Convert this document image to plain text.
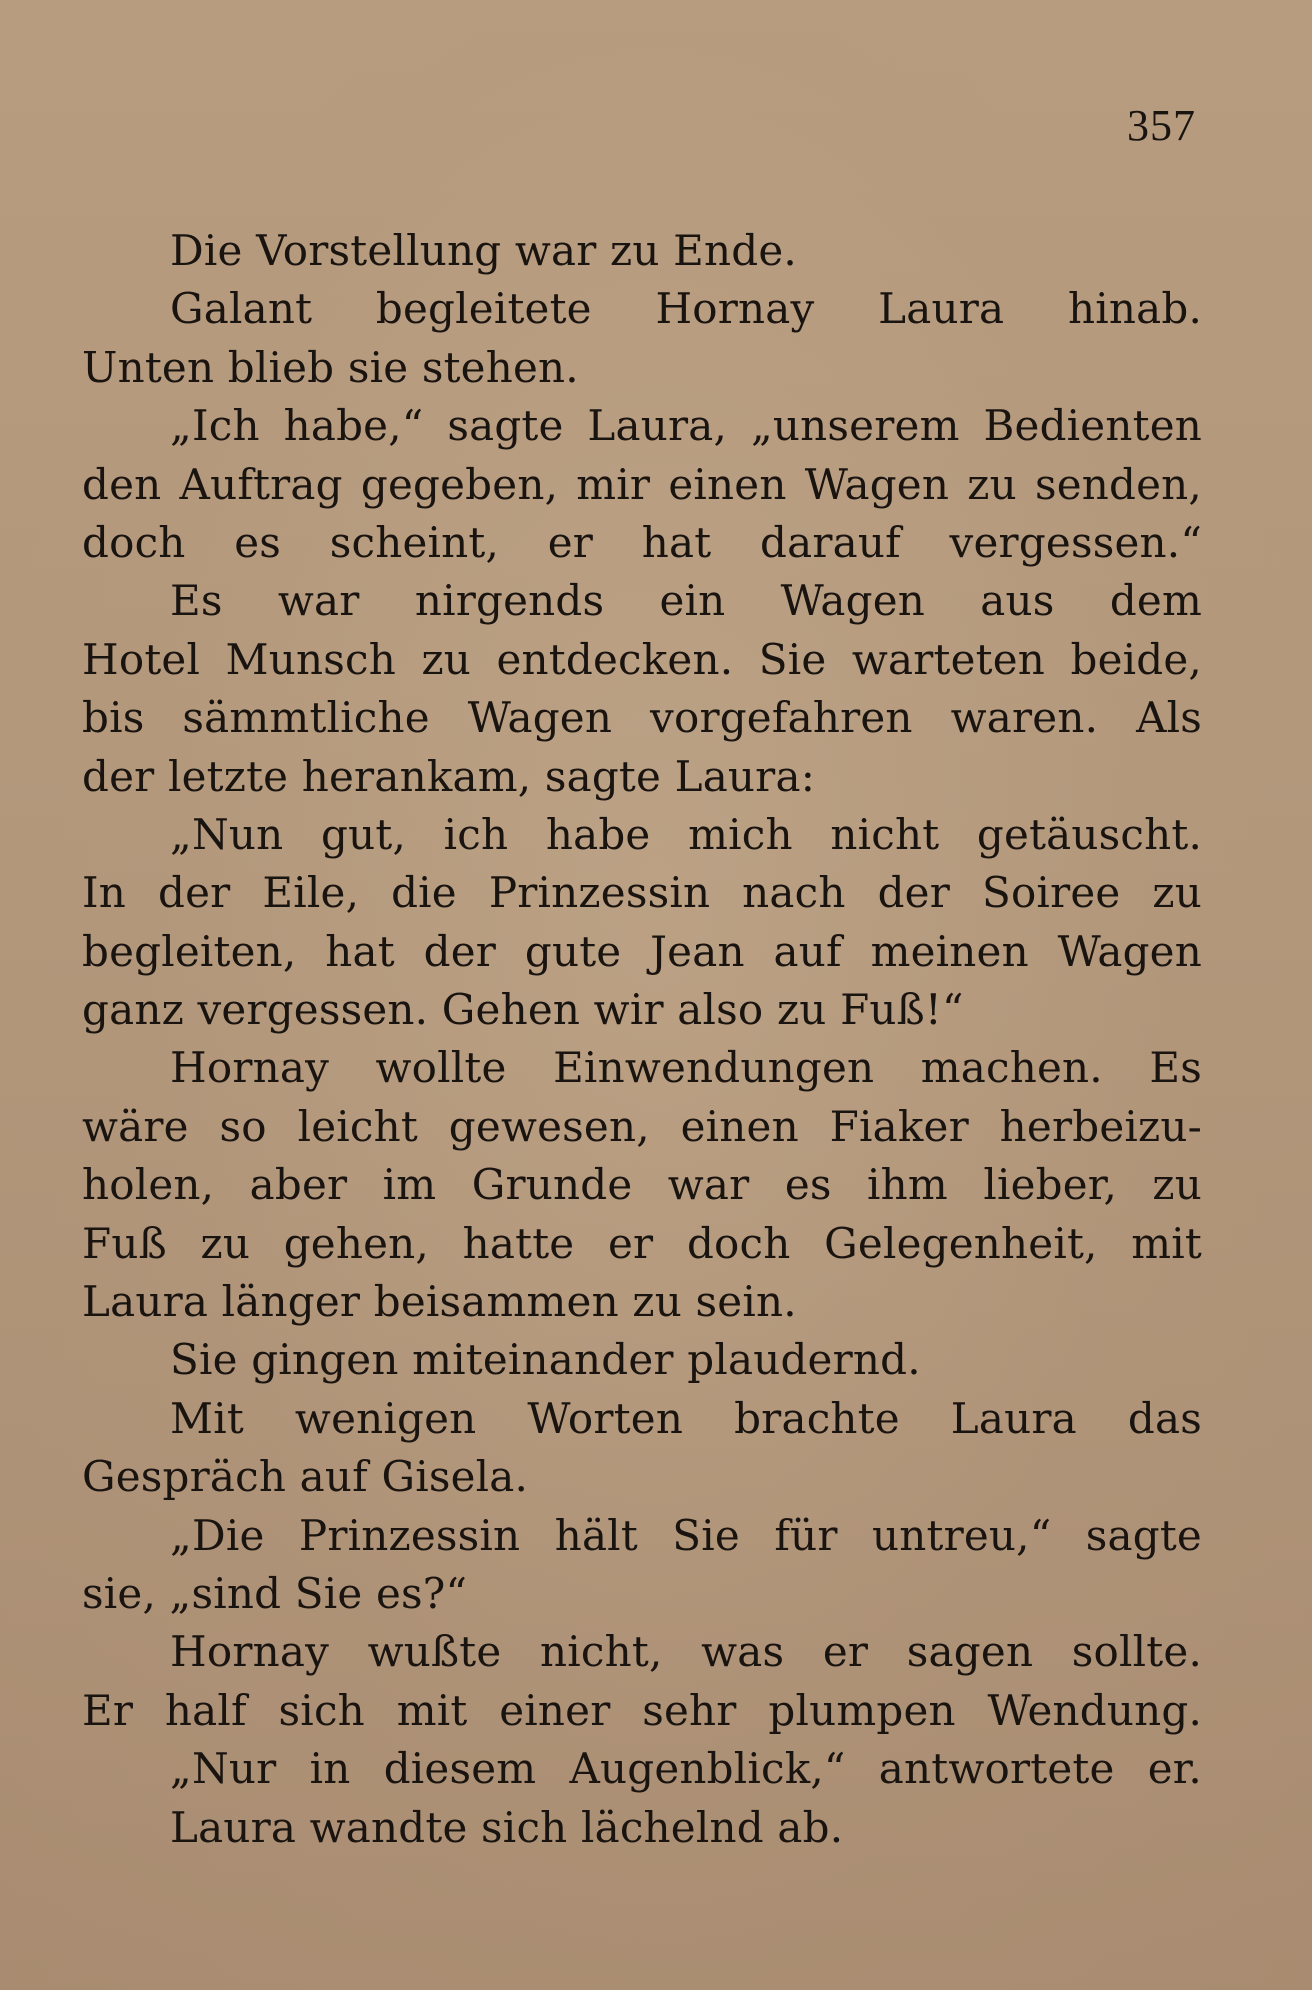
357
Die Vorstellung war zu Ende.
Galant begleitete Hornay Laura hinab.
Unten blieb sie stehen.
„Ich habe,“ sagte Laura, „unserem Bedienten
den Auftrag gegeben, mir einen Wagen zu senden,
doch es scheint, er hat darauf vergessen.“
Es war nirgends ein Wagen aus dem
Hotel Munsch zu entdecken. Sie warteten beide,
bis sämmtliche Wagen vorgefahren waren. Als
der letzte herankam, sagte Laura:
„Nun gut, ich habe mich nicht getäuscht.
In der Eile, die Prinzessin nach der Soiree zu
begleiten, hat der gute Jean auf meinen Wagen
ganz vergessen. Gehen wir also zu Fuß!“
Hornay wollte Einwendungen machen. Es
wäre so leicht gewesen, einen Fiaker herbeizu-
holen, aber im Grunde war es ihm lieber, zu
Fuß zu gehen, hatte er doch Gelegenheit, mit
Laura länger beisammen zu sein.
Sie gingen miteinander plaudernd.
Mit wenigen Worten brachte Laura das
Gespräch auf Gisela.
„Die Prinzessin hält Sie für untreu,“ sagte
sie, „sind Sie es?“
Hornay wußte nicht, was er sagen sollte.
Er half sich mit einer sehr plumpen Wendung.
„Nur in diesem Augenblick,“ antwortete er.
Laura wandte sich lächelnd ab.
